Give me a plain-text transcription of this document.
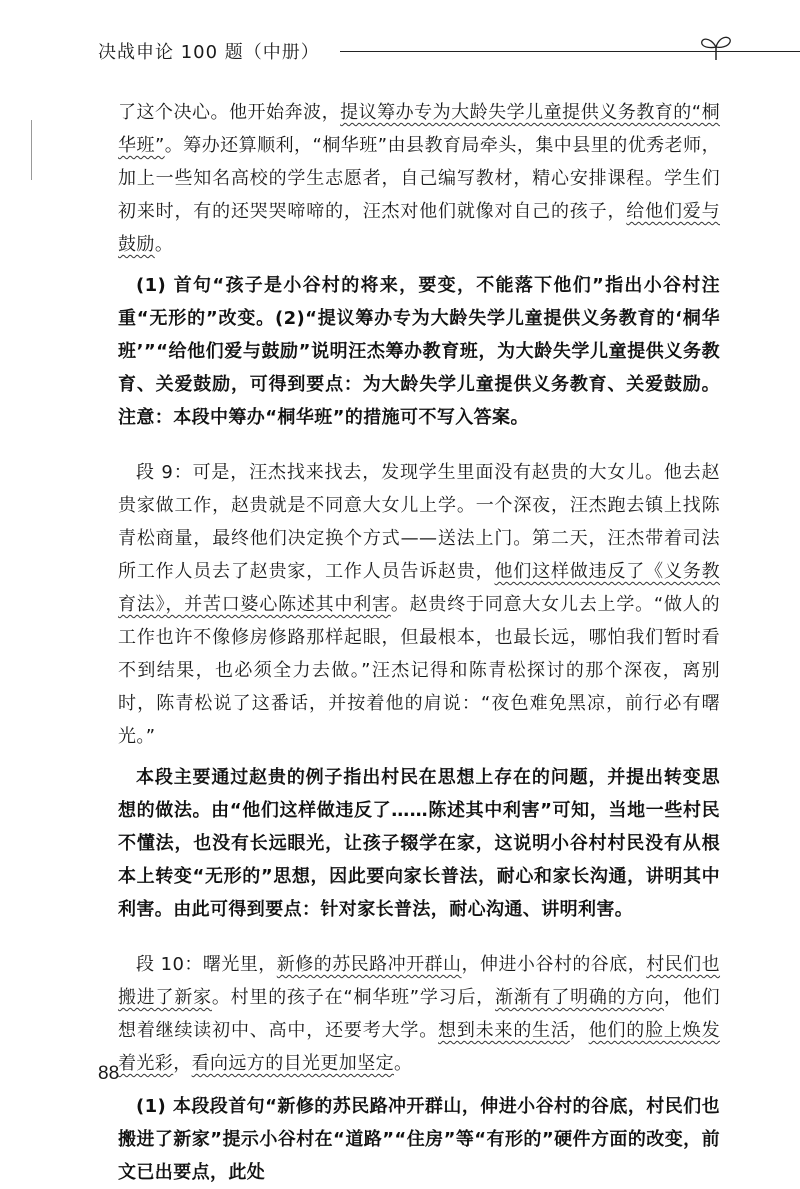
决战申论 100 题（中册）

了这个决心。他开始奔波，提议筹办专为大龄失学儿童提供义务教育的“桐华班”。筹办还算顺利，“桐华班”由县教育局牵头，集中县里的优秀老师，加上一些知名高校的学生志愿者，自己编写教材，精心安排课程。学生们初来时，有的还哭哭啼啼的，汪杰对他们就像对自己的孩子，给他们爱与鼓励。

(1) 首句“孩子是小谷村的将来，要变，不能落下他们”指出小谷村注重“无形的”改变。(2)“提议筹办专为大龄失学儿童提供义务教育的‘桐华班’”“给他们爱与鼓励”说明汪杰筹办教育班，为大龄失学儿童提供义务教育、关爱鼓励，可得到要点：为大龄失学儿童提供义务教育、关爱鼓励。注意：本段中筹办“桐华班”的措施可不写入答案。

段 9：可是，汪杰找来找去，发现学生里面没有赵贵的大女儿。他去赵贵家做工作，赵贵就是不同意大女儿上学。一个深夜，汪杰跑去镇上找陈青松商量，最终他们决定换个方式——送法上门。第二天，汪杰带着司法所工作人员去了赵贵家，工作人员告诉赵贵，他们这样做违反了《义务教育法》，并苦口婆心陈述其中利害。赵贵终于同意大女儿去上学。“做人的工作也许不像修房修路那样起眼，但最根本，也最长远，哪怕我们暂时看不到结果，也必须全力去做。”汪杰记得和陈青松探讨的那个深夜，离别时，陈青松说了这番话，并按着他的肩说：“夜色难免黑凉，前行必有曙光。”

本段主要通过赵贵的例子指出村民在思想上存在的问题，并提出转变思想的做法。由“他们这样做违反了……陈述其中利害”可知，当地一些村民不懂法，也没有长远眼光，让孩子辍学在家，这说明小谷村村民没有从根本上转变“无形的”思想，因此要向家长普法，耐心和家长沟通，讲明其中利害。由此可得到要点：针对家长普法，耐心沟通、讲明利害。

段 10：曙光里，新修的苏民路冲开群山，伸进小谷村的谷底，村民们也搬进了新家。村里的孩子在“桐华班”学习后，渐渐有了明确的方向，他们想着继续读初中、高中，还要考大学。想到未来的生活，他们的脸上焕发着光彩，看向远方的目光更加坚定。

(1) 本段段首句“新修的苏民路冲开群山，伸进小谷村的谷底，村民们也搬进了新家”提示小谷村在“道路”“住房”等“有形的”硬件方面的改变，前文已出要点，此处

88
